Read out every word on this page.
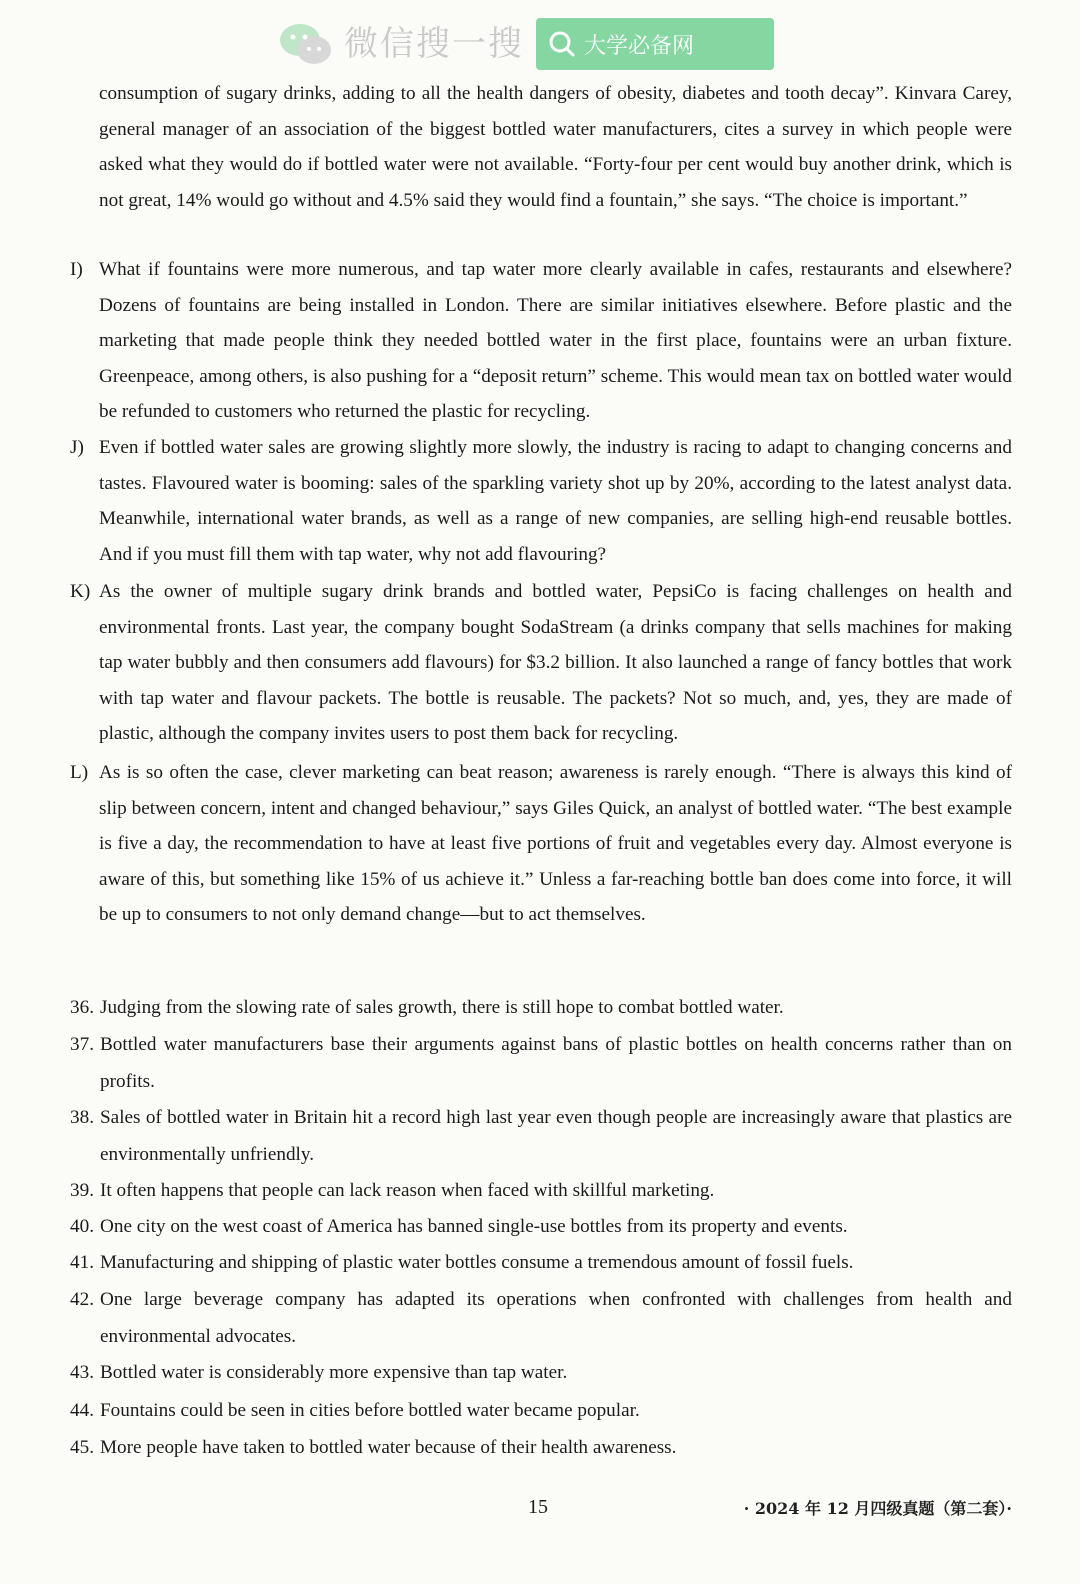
微信搜一搜	大学必备网
consumption of sugary drinks, adding to all the health dangers of obesity, diabetes and tooth decay”. Kinvara Carey, general manager of an association of the biggest bottled water manufacturers, cites a survey in which people were asked what they would do if bottled water were not available. “Forty-four per cent would buy another drink, which is not great, 14% would go without and 4.5% said they would find a fountain,” she says. “The choice is important.”
I) What if fountains were more numerous, and tap water more clearly available in cafes, restaurants and elsewhere? Dozens of fountains are being installed in London. There are similar initiatives elsewhere. Before plastic and the marketing that made people think they needed bottled water in the first place, fountains were an urban fixture. Greenpeace, among others, is also pushing for a “deposit return” scheme. This would mean tax on bottled water would be refunded to customers who returned the plastic for recycling.
J) Even if bottled water sales are growing slightly more slowly, the industry is racing to adapt to changing concerns and tastes. Flavoured water is booming: sales of the sparkling variety shot up by 20%, according to the latest analyst data. Meanwhile, international water brands, as well as a range of new companies, are selling high-end reusable bottles. And if you must fill them with tap water, why not add flavouring?
K) As the owner of multiple sugary drink brands and bottled water, PepsiCo is facing challenges on health and environmental fronts. Last year, the company bought SodaStream (a drinks company that sells machines for making tap water bubbly and then consumers add flavours) for $3.2 billion. It also launched a range of fancy bottles that work with tap water and flavour packets. The bottle is reusable. The packets? Not so much, and, yes, they are made of plastic, although the company invites users to post them back for recycling.
L) As is so often the case, clever marketing can beat reason; awareness is rarely enough. “There is always this kind of slip between concern, intent and changed behaviour,” says Giles Quick, an analyst of bottled water. “The best example is five a day, the recommendation to have at least five portions of fruit and vegetables every day. Almost everyone is aware of this, but something like 15% of us achieve it.” Unless a far-reaching bottle ban does come into force, it will be up to consumers to not only demand change—but to act themselves.
36. Judging from the slowing rate of sales growth, there is still hope to combat bottled water.
37. Bottled water manufacturers base their arguments against bans of plastic bottles on health concerns rather than on profits.
38. Sales of bottled water in Britain hit a record high last year even though people are increasingly aware that plastics are environmentally unfriendly.
39. It often happens that people can lack reason when faced with skillful marketing.
40. One city on the west coast of America has banned single-use bottles from its property and events.
41. Manufacturing and shipping of plastic water bottles consume a tremendous amount of fossil fuels.
42. One large beverage company has adapted its operations when confronted with challenges from health and environmental advocates.
43. Bottled water is considerably more expensive than tap water.
44. Fountains could be seen in cities before bottled water became popular.
45. More people have taken to bottled water because of their health awareness.
15	· 2024 年 12 月四级真题（第二套）·
